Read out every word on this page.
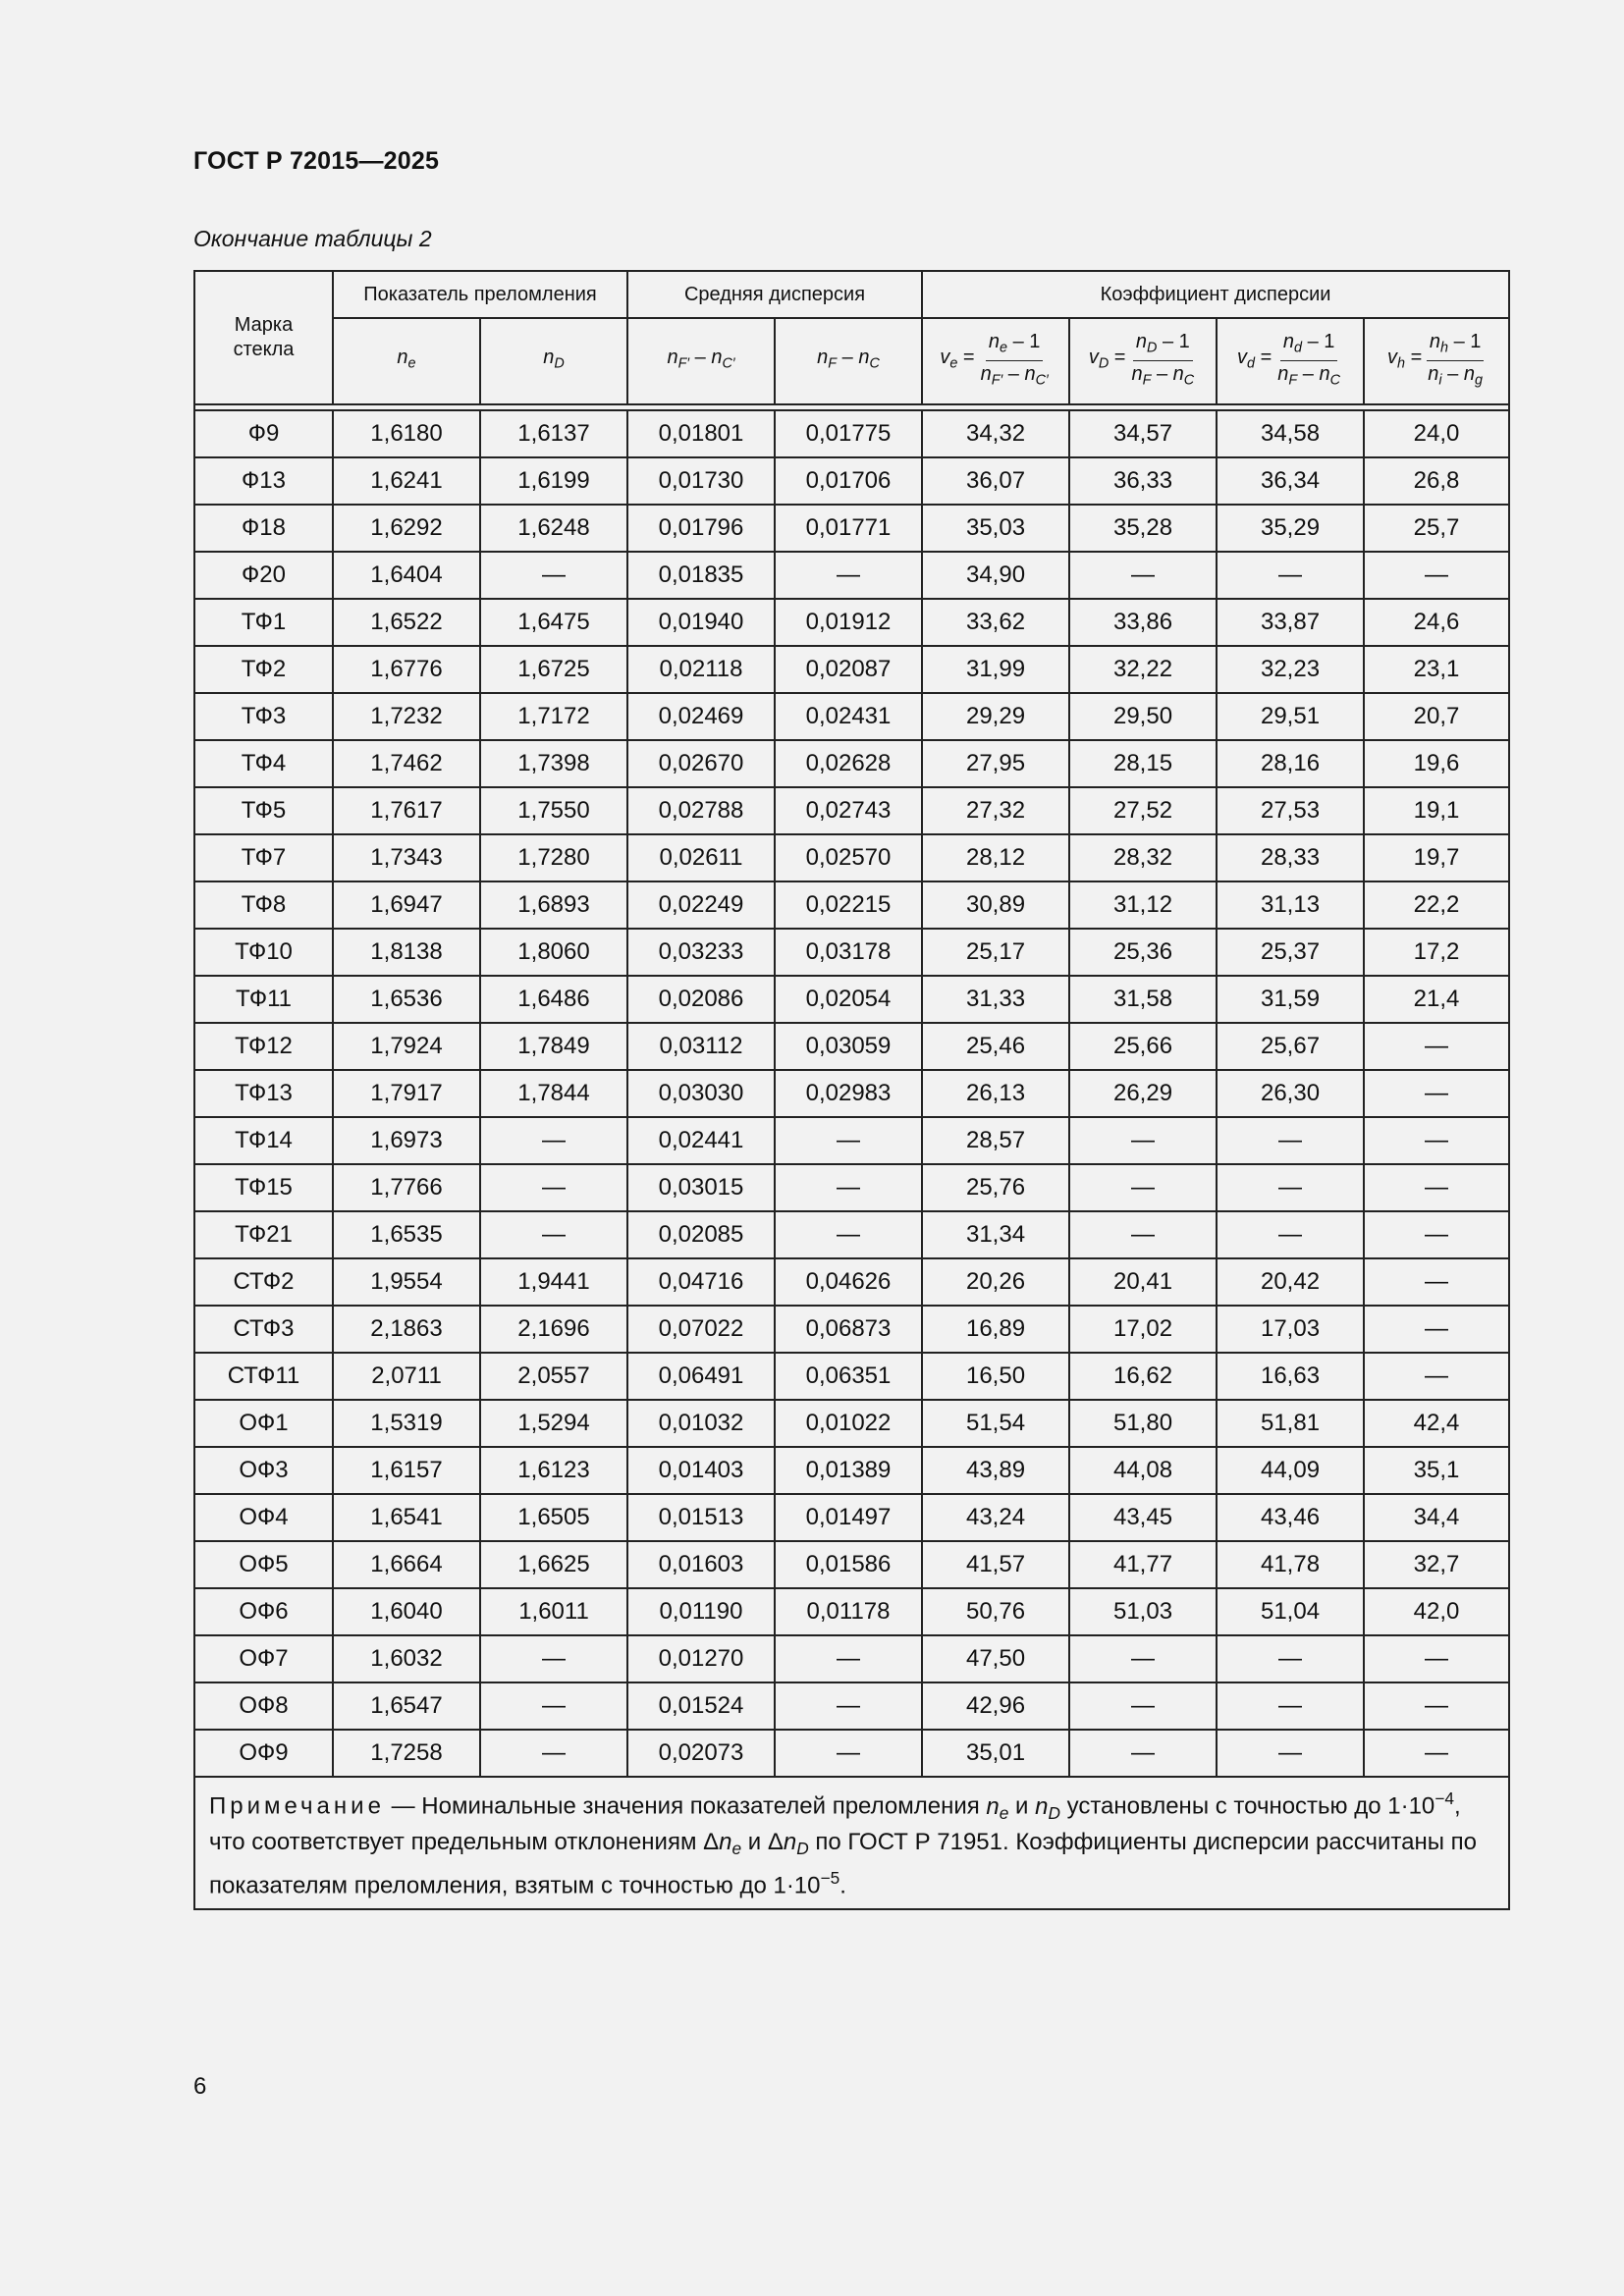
ГОСТ Р 72015—2025
Окончание таблицы 2
Марка стекла	Показатель преломления		Средняя дисперсия		Коэффициент дисперсии			
	$n_e$	$n_D$	$n_{F'} - n_{C'}$	$n_F - n_C$	$v_e = \frac{n_e - 1}{n_{F'} - n_{C'}}$	$v_D = \frac{n_D - 1}{n_F - n_C}$	$v_d = \frac{n_d - 1}{n_F - n_C}$	$v_h = \frac{n_h - 1}{n_i - n_g}$

Ф9	1,6180	1,6137	0,01801	0,01775	34,32	34,57	34,58	24,0
Ф13	1,6241	1,6199	0,01730	0,01706	36,07	36,33	36,34	26,8
Ф18	1,6292	1,6248	0,01796	0,01771	35,03	35,28	35,29	25,7
Ф20	1,6404	—	0,01835	—	34,90	—	—	—
ТФ1	1,6522	1,6475	0,01940	0,01912	33,62	33,86	33,87	24,6
ТФ2	1,6776	1,6725	0,02118	0,02087	31,99	32,22	32,23	23,1
ТФ3	1,7232	1,7172	0,02469	0,02431	29,29	29,50	29,51	20,7
ТФ4	1,7462	1,7398	0,02670	0,02628	27,95	28,15	28,16	19,6
ТФ5	1,7617	1,7550	0,02788	0,02743	27,32	27,52	27,53	19,1
ТФ7	1,7343	1,7280	0,02611	0,02570	28,12	28,32	28,33	19,7
ТФ8	1,6947	1,6893	0,02249	0,02215	30,89	31,12	31,13	22,2
ТФ10	1,8138	1,8060	0,03233	0,03178	25,17	25,36	25,37	17,2
ТФ11	1,6536	1,6486	0,02086	0,02054	31,33	31,58	31,59	21,4
ТФ12	1,7924	1,7849	0,03112	0,03059	25,46	25,66	25,67	—
ТФ13	1,7917	1,7844	0,03030	0,02983	26,13	26,29	26,30	—
ТФ14	1,6973	—	0,02441	—	28,57	—	—	—
ТФ15	1,7766	—	0,03015	—	25,76	—	—	—
ТФ21	1,6535	—	0,02085	—	31,34	—	—	—
СТФ2	1,9554	1,9441	0,04716	0,04626	20,26	20,41	20,42	—
СТФ3	2,1863	2,1696	0,07022	0,06873	16,89	17,02	17,03	—
СТФ11	2,0711	2,0557	0,06491	0,06351	16,50	16,62	16,63	—
ОФ1	1,5319	1,5294	0,01032	0,01022	51,54	51,80	51,81	42,4
ОФ3	1,6157	1,6123	0,01403	0,01389	43,89	44,08	44,09	35,1
ОФ4	1,6541	1,6505	0,01513	0,01497	43,24	43,45	43,46	34,4
ОФ5	1,6664	1,6625	0,01603	0,01586	41,57	41,77	41,78	32,7
ОФ6	1,6040	1,6011	0,01190	0,01178	50,76	51,03	51,04	42,0
ОФ7	1,6032	—	0,01270	—	47,50	—	—	—
ОФ8	1,6547	—	0,01524	—	42,96	—	—	—
ОФ9	1,7258	—	0,02073	—	35,01	—	—	—
Примечание — Номинальные значения показателей преломления $n_e$ и $n_D$ установлены с точностью до $1\cdot 10^{-4}$, что соответствует предельным отклонениям $\Delta n_e$ и $\Delta n_D$ по ГОСТ Р 71951. Коэффициенты дисперсии рассчитаны по показателям преломления, взятым с точностью до $1\cdot 10^{-5}$.								
6
